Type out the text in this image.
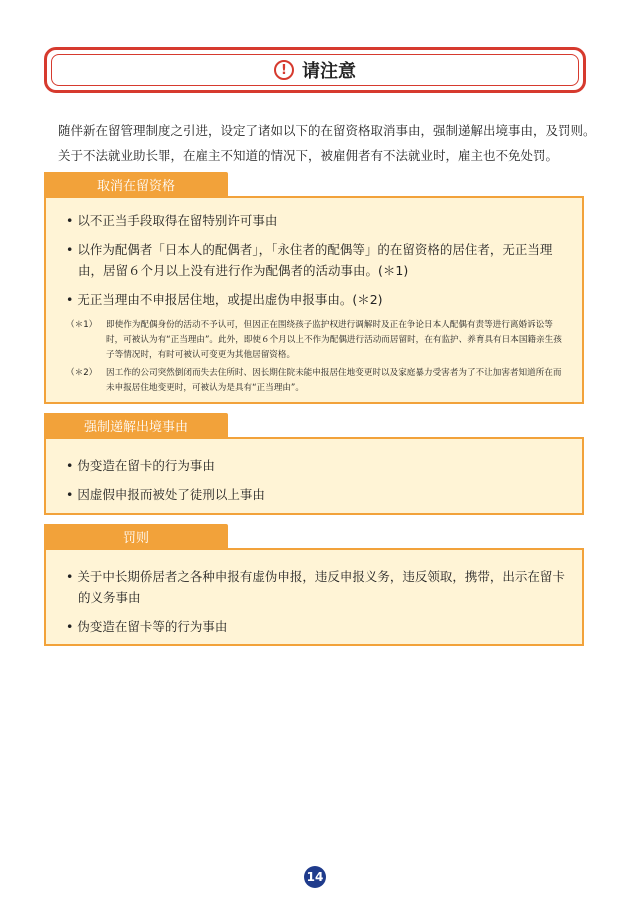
! 请注意
随伴新在留管理制度之引进，设定了诸如以下的在留资格取消事由，强制递解出境事由，及罚则。
关于不法就业助长罪，在雇主不知道的情况下，被雇佣者有不法就业时，雇主也不免处罚。
取消在留资格
• 以不正当手段取得在留特别许可事由
• 以作为配偶者「日本人的配偶者」，「永住者的配偶等」的在留资格的居住者，无正当理由，居留６个月以上没有进行作为配偶者的活动事由。(＊1)
• 无正当理由不申报居住地，或提出虚伪申报事由。(＊2)
（＊1）	即使作为配偶身份的活动不予认可，但因正在围绕孩子监护权进行调解时及正在争论日本人配偶有责等进行离婚诉讼等时，可被认为有“正当理由”。此外，即使６个月以上不作为配偶进行活动而居留时，在有监护、养育具有日本国籍亲生孩子等情况时，有时可被认可变更为其他居留资格。
（＊2）	因工作的公司突然倒闭而失去住所时、因长期住院未能申报居住地变更时以及家庭暴力受害者为了不让加害者知道所在而未申报居住地变更时，可被认为是具有“正当理由”。
强制递解出境事由
• 伪变造在留卡的行为事由
• 因虚假申报而被处了徒刑以上事由
罚则
• 关于中长期侨居者之各种申报有虚伪申报，违反申报义务，违反领取，携带，出示在留卡的义务事由
• 伪变造在留卡等的行为事由
14
